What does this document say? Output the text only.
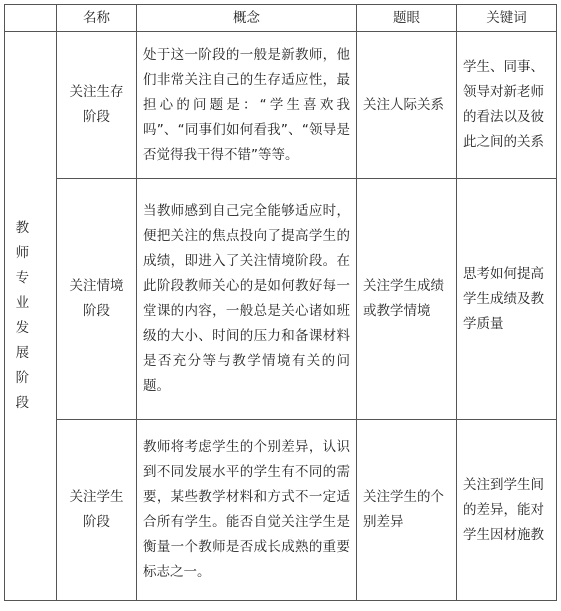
	名称	概念	题眼	关键词

教师专业发展阶段	关注生存阶段	处于这一阶段的一般是新教师，他们非常关注自己的生存适应性，最担心的问题是：“学生喜欢我吗”、“同事们如何看我”、“领导是否觉得我干得不错”等等。	关注人际关系	学生、同事、领导对新老师的看法以及彼此之间的关系
	关注情境阶段	当教师感到自己完全能够适应时，便把关注的焦点投向了提高学生的成绩，即进入了关注情境阶段。在此阶段教师关心的是如何教好每一堂课的内容，一般总是关心诸如班级的大小、时间的压力和备课材料是否充分等与教学情境有关的问题。	关注学生成绩或教学情境	思考如何提高学生成绩及教学质量
	关注学生阶段	教师将考虑学生的个别差异，认识到不同发展水平的学生有不同的需要，某些教学材料和方式不一定适合所有学生。能否自觉关注学生是衡量一个教师是否成长成熟的重要标志之一。	关注学生的个别差异	关注到学生间的差异，能对学生因材施教
